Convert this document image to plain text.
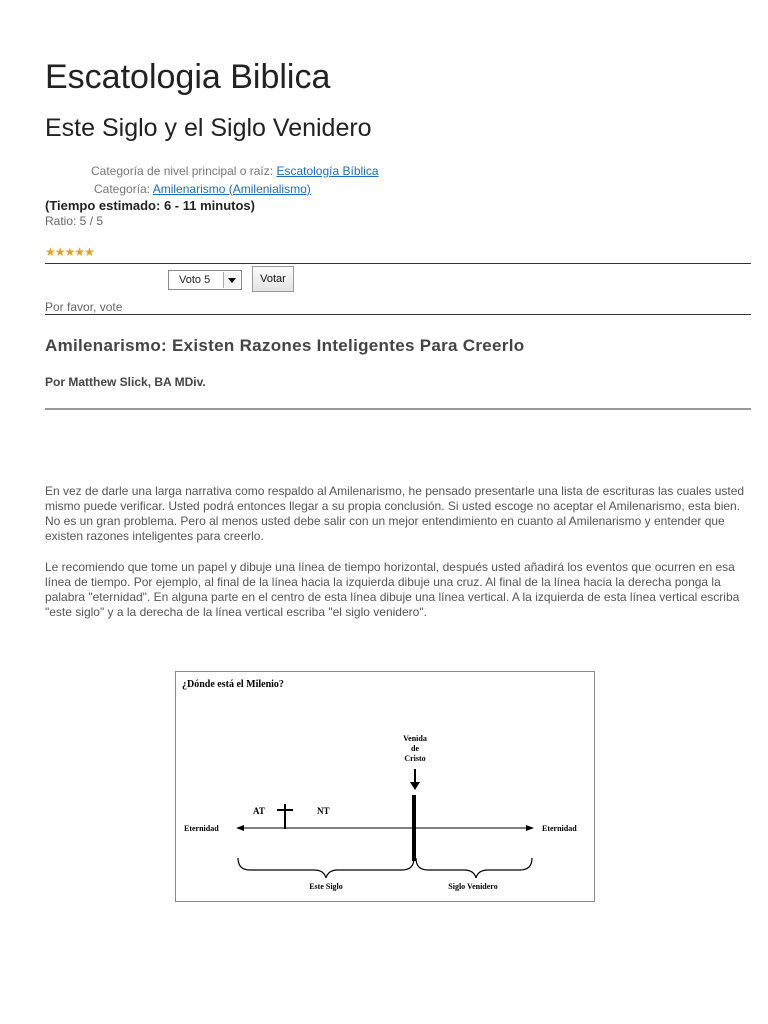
Escatologia Biblica
Este Siglo y el Siglo Venidero
Categoría de nivel principal o raíz: Escatología Bíblica
Categoría: Amilenarismo (Amilenialismo)
(Tiempo estimado: 6 - 11 minutos)
Ratio: 5 / 5
★★★★★
Voto 5	Votar
Por favor, vote
Amilenarismo: Existen Razones Inteligentes Para Creerlo
Por Matthew Slick, BA MDiv.
En vez de darle una larga narrativa como respaldo al Amilenarismo, he pensado presentarle una lista de escrituras las cuales usted mismo puede verificar. Usted podrá entonces llegar a su propia conclusión. Si usted escoge no aceptar el Amilenarismo, esta bien. No es un gran problema. Pero al menos usted debe salir con un mejor entendimiento en cuanto al Amilenarismo y entender que existen razones inteligentes para creerlo.
Le recomiendo que tome un papel y dibuje una línea de tiempo horizontal, después usted añadirá los eventos que ocurren en esa línea de tiempo. Por ejemplo, al final de la línea hacia la izquierda dibuje una cruz. Al final de la línea hacia la derecha ponga la palabra "eternidad". En alguna parte en el centro de esta línea dibuje una línea vertical. A la izquierda de esta línea vertical escriba "este siglo" y a la derecha de la línea vertical escriba "el siglo venidero".
¿Dónde está el Milenio?
Venida
de
Cristo
Eternidad	Eternidad
AT	NT
Este Siglo	Siglo Venidero
